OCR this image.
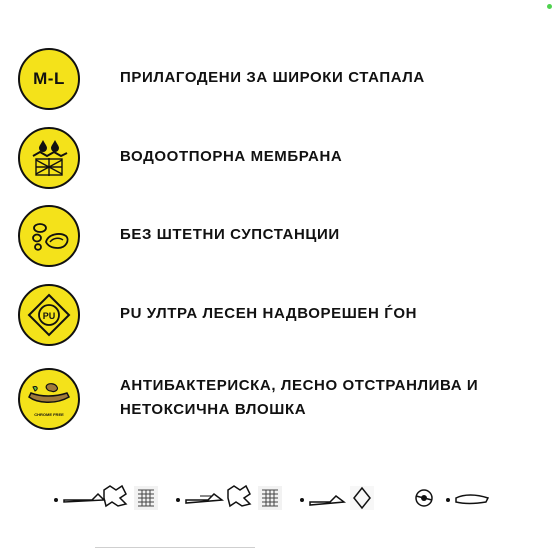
M-L	ПРИЛАГОДЕНИ ЗА ШИРОКИ СТАПАЛА
ВОДООТПОРНА МЕМБРАНА
БЕЗ ШТЕТНИ СУПСТАНЦИИ
PU	PU УЛТРА ЛЕСЕН НАДВОРЕШЕН ЃОН
CHROME FREE
АНТИБАКТЕРИСКА, ЛЕСНО ОТСТРАНЛИВА И
НЕТОКСИЧНА ВЛОШКА
